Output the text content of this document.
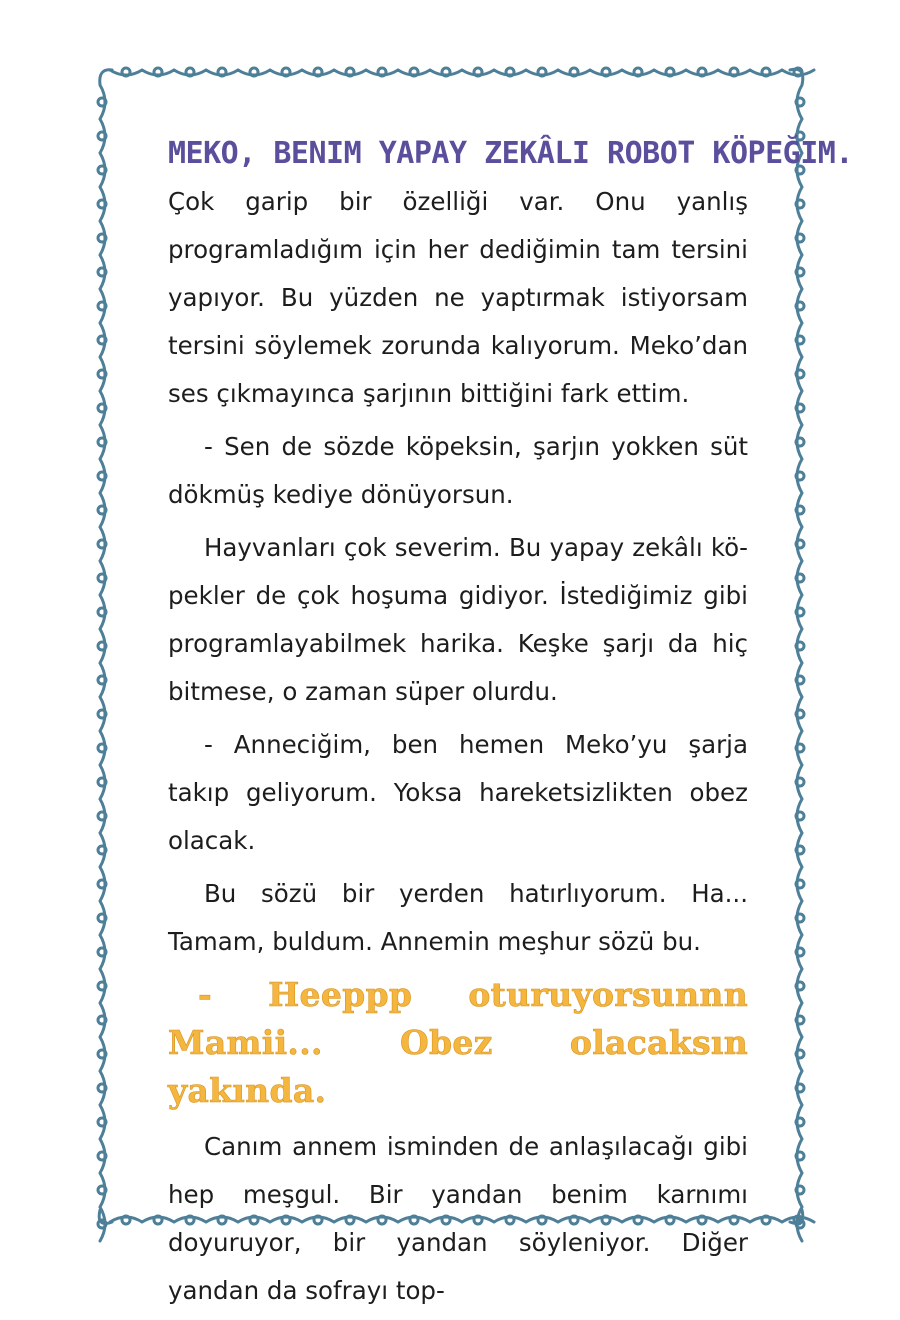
MEKO, BENIM YAPAY ZEKÂLI ROBOT KÖPEĞIM.

Çok garip bir özelliği var. Onu yanlış programladığım için her dediğimin tam tersini yapıyor. Bu yüzden ne yaptırmak istiyorsam tersini söylemek zorunda kalıyorum. Meko’dan ses çıkmayınca şarjının bittiğini fark ettim.

- Sen de sözde köpeksin, şarjın yokken süt dökmüş kediye dönüyorsun.

Hayvanları çok severim. Bu yapay zekâlı köpekler de çok hoşuma gidiyor. İstediğimiz gibi programlayabilmek harika. Keşke şarjı da hiç bitmese, o zaman süper olurdu.

- Anneciğim, ben hemen Meko’yu şarja takıp geliyorum. Yoksa hareketsizlikten obez olacak.

Bu sözü bir yerden hatırlıyorum. Ha... Tamam, buldum. Annemin meşhur sözü bu.

- Heeppp oturuyorsunnn Mamii... Obez olacaksın yakında.

Canım annem isminden de anlaşılacağı gibi hep meşgul. Bir yandan benim karnımı doyuruyor, bir yandan söyleniyor. Diğer yandan da sofrayı top-
